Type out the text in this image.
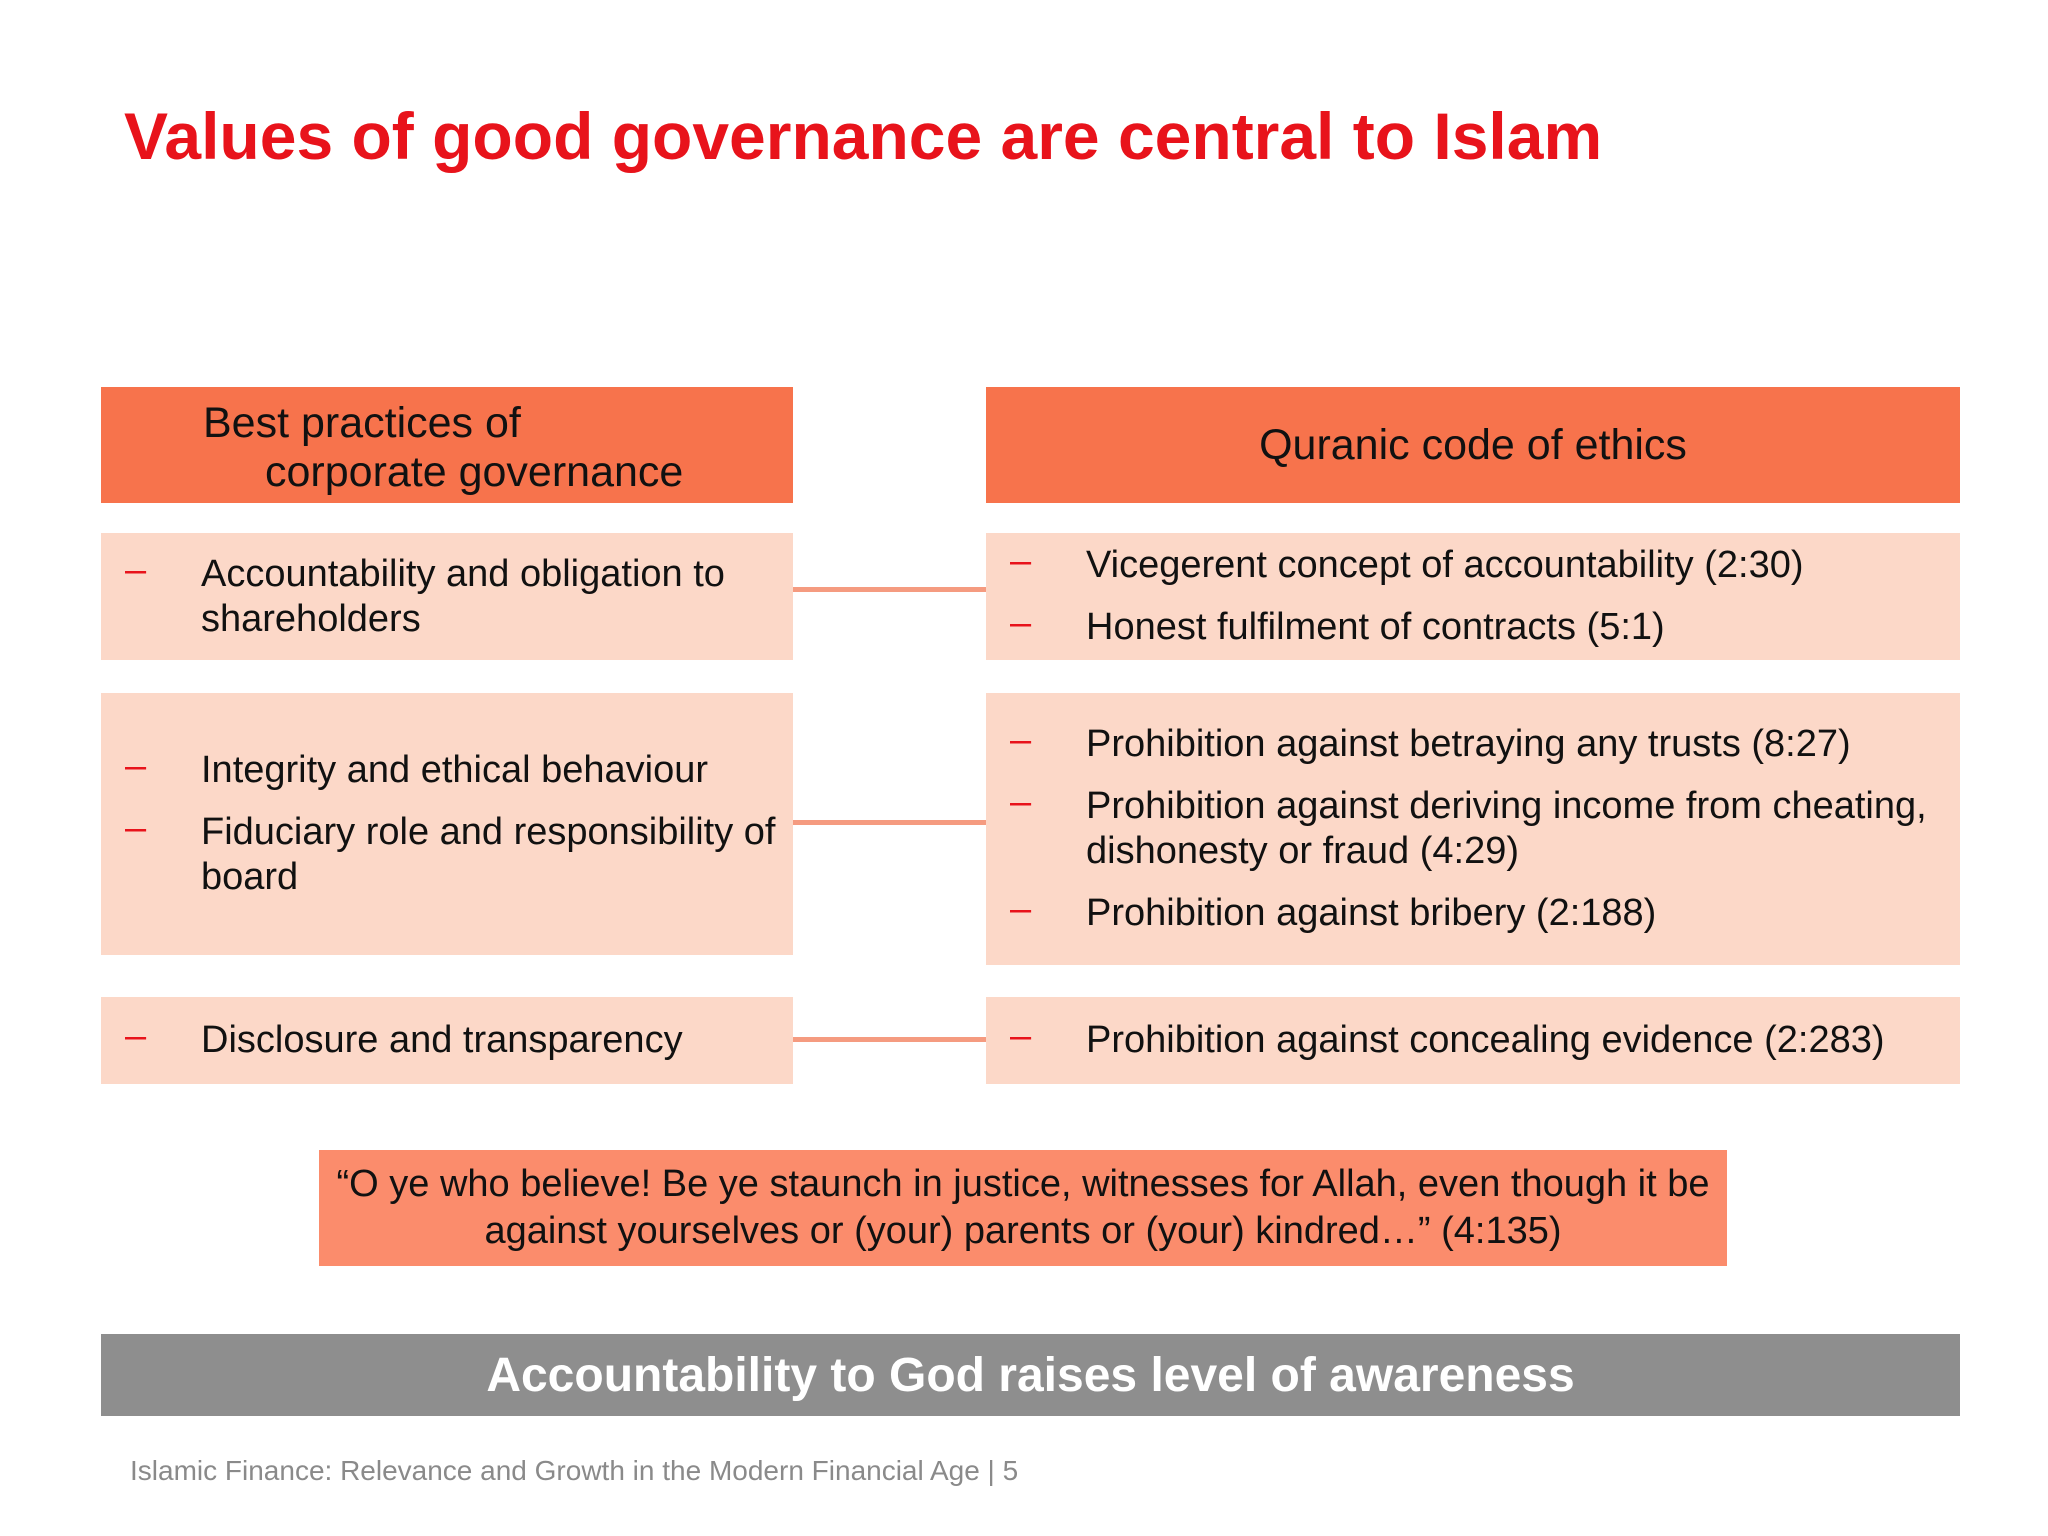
Values of good governance are central to Islam
Best practices of
corporate governance
Quranic code of ethics
– Accountability and obligation to shareholders
– Vicegerent concept of accountability (2:30)
– Honest fulfilment of contracts (5:1)
– Integrity and ethical behaviour
– Fiduciary role and responsibility of board
– Prohibition against betraying any trusts (8:27)
– Prohibition against deriving income from cheating, dishonesty or fraud (4:29)
– Prohibition against bribery (2:188)
– Disclosure and transparency	– Prohibition against concealing evidence (2:283)
“O ye who believe! Be ye staunch in justice, witnesses for Allah, even though it be against yourselves or (your) parents or (your) kindred…” (4:135)
Accountability to God raises level of awareness
Islamic Finance: Relevance and Growth in the Modern Financial Age | 5
